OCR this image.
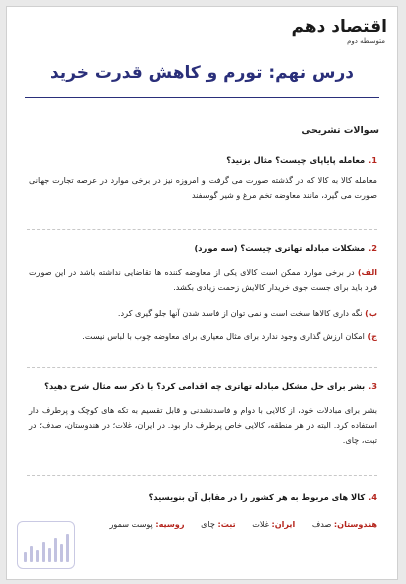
اقتصاد دهم
متوسطه دوم
درس نهم: تورم و کاهش قدرت خرید
سوالات تشریحی
1. معامله پایاپای چیست؟ مثال بزنید؟
معامله کالا به کالا که در گذشته صورت می گرفت و امروزه نیز در برخی موارد در عرصه تجارت جهانی صورت می گیرد، مانند معاوضه تخم مرغ و شیر گوسفند
2. مشکلات مبادله تهاتری چیست؟ (سه مورد)
الف) در برخی موارد ممکن است کالای یکی از معاوضه کننده ها تقاضایی نداشته باشد در این صورت فرد باید برای جست جوی خریدار کالایش زحمت زیادی بکشد.
ب) نگه داری کالاها سخت است و نمی توان از فاسد شدن آنها جلو گیری کرد.
ج) امکان ارزش گذاری وجود ندارد برای مثال معیاری برای معاوضه چوب با لباس نیست.
3. بشر برای حل مشکل مبادله تهاتری چه اقدامی کرد؟ با ذکر سه مثال شرح دهید؟
بشر برای مبادلات خود، از کالایی با دوام و فاسدنشدنی و قابل تقسیم به تکه های کوچک و پرطرف دار استفاده کرد. البته در هر منطقه، کالایی خاص پرطرف دار بود. در ایران، غلات؛ در هندوستان، صدف؛ در تبت، چای.
4. کالا های مربوط به هر کشور را در مقابل آن بنویسید؟
هندوستان: صدف ایران: غلات تبت: چای روسیه: پوست سمور
